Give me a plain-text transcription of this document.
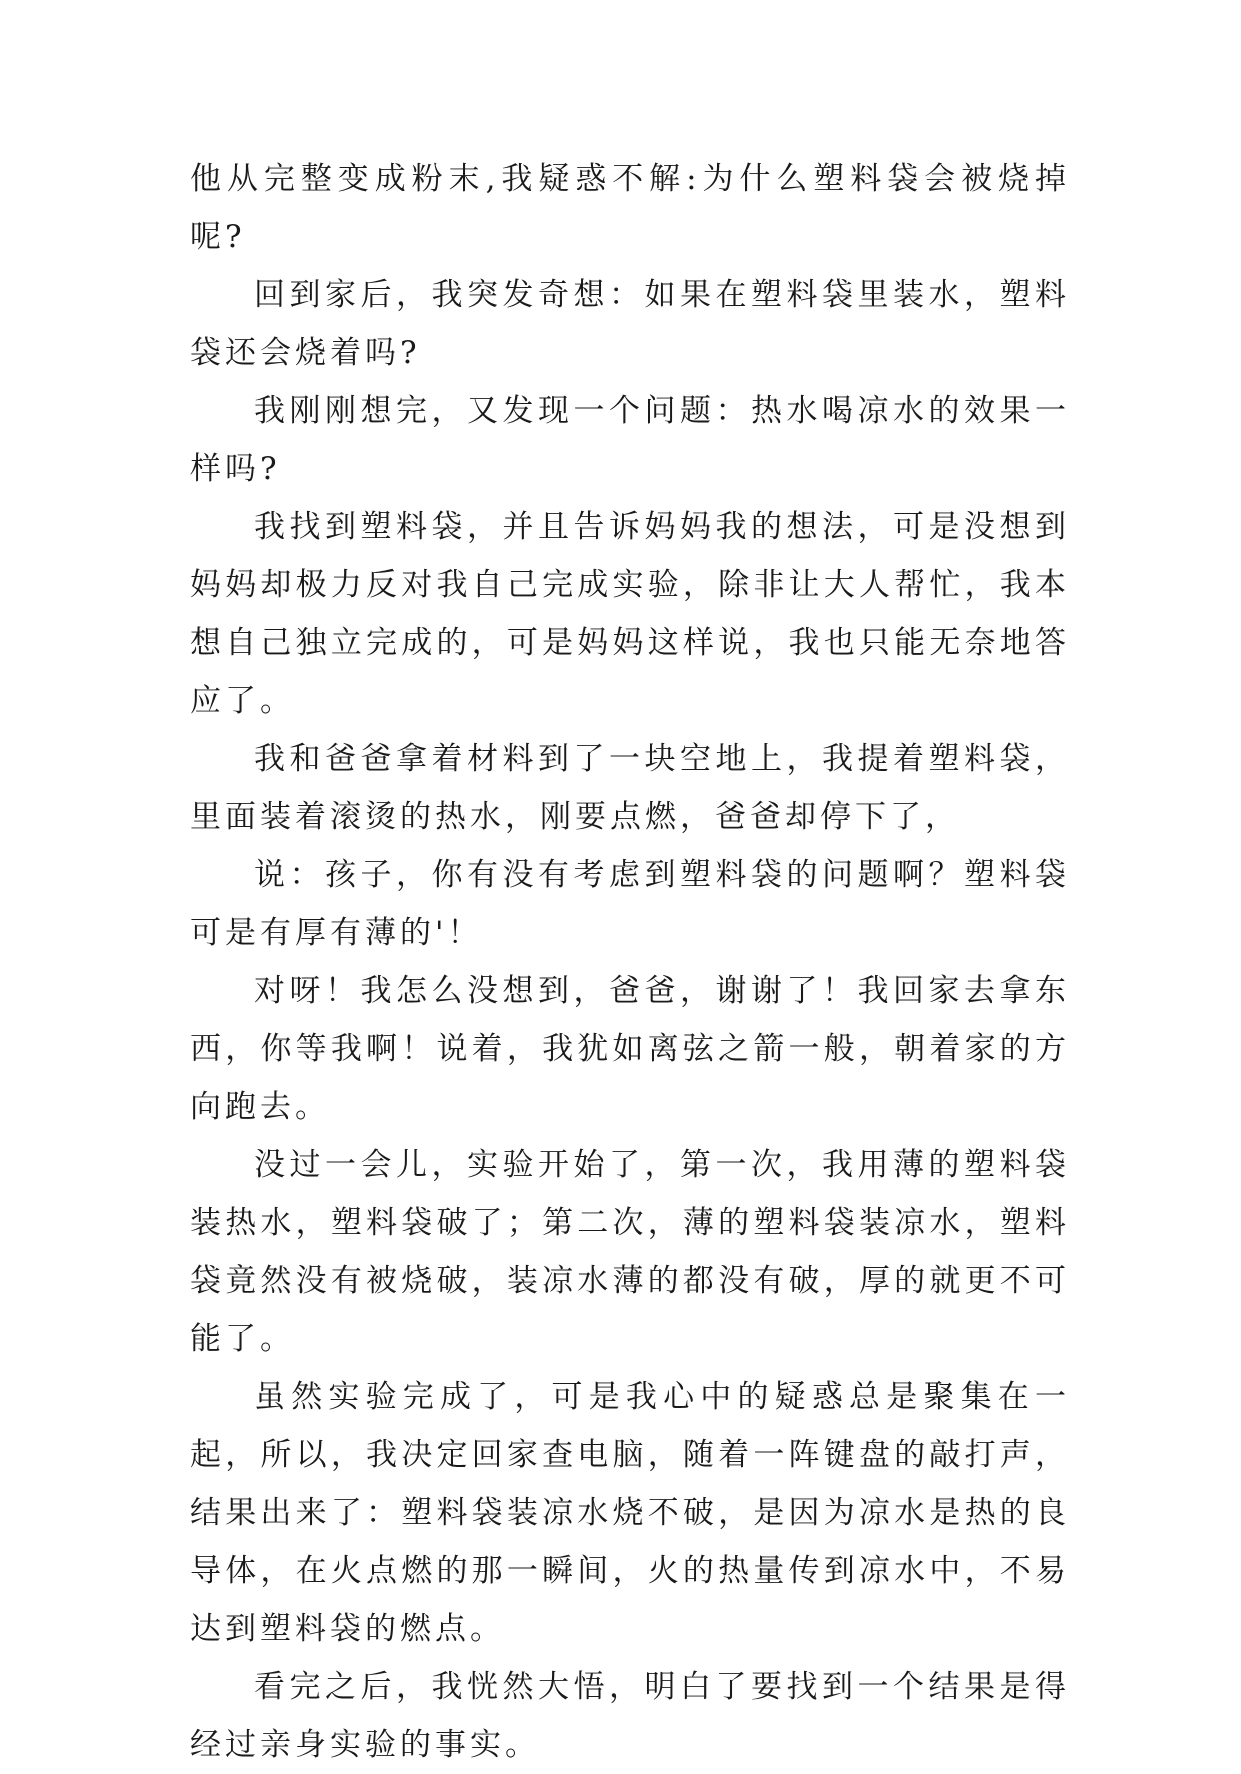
他从完整变成粉末,我疑惑不解:为什么塑料袋会被烧掉呢?

回到家后，我突发奇想：如果在塑料袋里装水，塑料袋还会烧着吗?

我刚刚想完，又发现一个问题：热水喝凉水的效果一样吗?

我找到塑料袋，并且告诉妈妈我的想法，可是没想到妈妈却极力反对我自己完成实验，除非让大人帮忙，我本想自己独立完成的，可是妈妈这样说，我也只能无奈地答应了。

我和爸爸拿着材料到了一块空地上，我提着塑料袋，里面装着滚烫的热水，刚要点燃，爸爸却停下了，

说：孩子，你有没有考虑到塑料袋的问题啊？塑料袋可是有厚有薄的'！

对呀！我怎么没想到，爸爸，谢谢了！我回家去拿东西，你等我啊！说着，我犹如离弦之箭一般，朝着家的方向跑去。

没过一会儿，实验开始了，第一次，我用薄的塑料袋装热水，塑料袋破了；第二次，薄的塑料袋装凉水，塑料袋竟然没有被烧破，装凉水薄的都没有破，厚的就更不可能了。

虽然实验完成了，可是我心中的疑惑总是聚集在一起，所以，我决定回家查电脑，随着一阵键盘的敲打声，结果出来了：塑料袋装凉水烧不破，是因为凉水是热的良导体，在火点燃的那一瞬间，火的热量传到凉水中，不易达到塑料袋的燃点。

看完之后，我恍然大悟，明白了要找到一个结果是得经过亲身实验的事实。
